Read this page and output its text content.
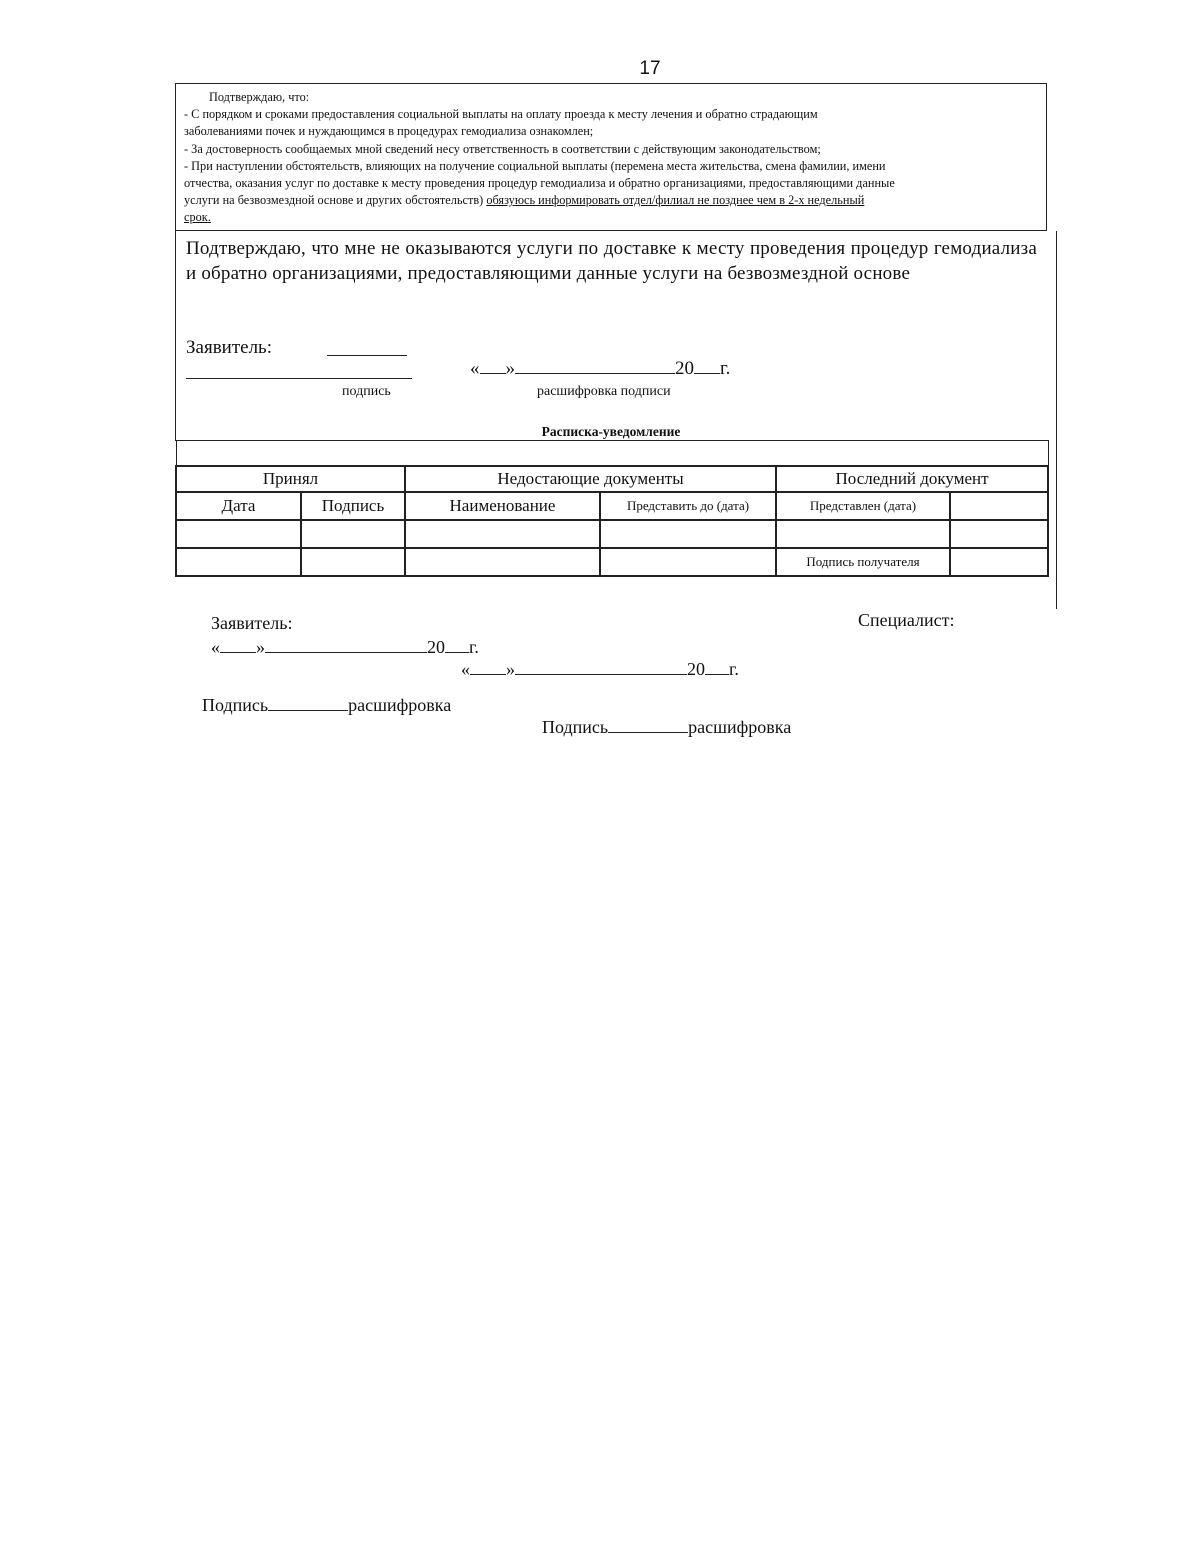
17
Подтверждаю, что:
- С порядком и сроками предоставления социальной выплаты на оплату проезда к месту лечения и обратно страдающим
заболеваниями почек и нуждающимся в процедурах гемодиализа ознакомлен;
- За достоверность сообщаемых мной сведений несу ответственность в соответствии с действующим законодательством;
- При наступлении обстоятельств, влияющих на получение социальной выплаты (перемена места жительства, смена фамилии, имени
отчества, оказания услуг по доставке к месту проведения процедур гемодиализа и обратно организациями, предоставляющими данные
услуги на безвозмездной основе и других обстоятельств) обязуюсь информировать отдел/филиал не позднее чем в 2-х недельный
срок.
Подтверждаю, что мне не оказываются услуги по доставке к месту проведения процедур гемодиализа и обратно организациями, предоставляющими данные услуги на безвозмездной основе
Заявитель:
« »	20 г.
подпись	расшифровка подписи
Расписка-уведомление

Принял		Недостающие документы		Последний документ	
Дата	Подпись	Наименование	Представить до (дата)	Представлен (дата)	

				Подпись получателя	
Заявитель:	Специалист:
« »	20 г.
« »	20 г.
Подпись	расшифровка
Подпись	расшифровка
